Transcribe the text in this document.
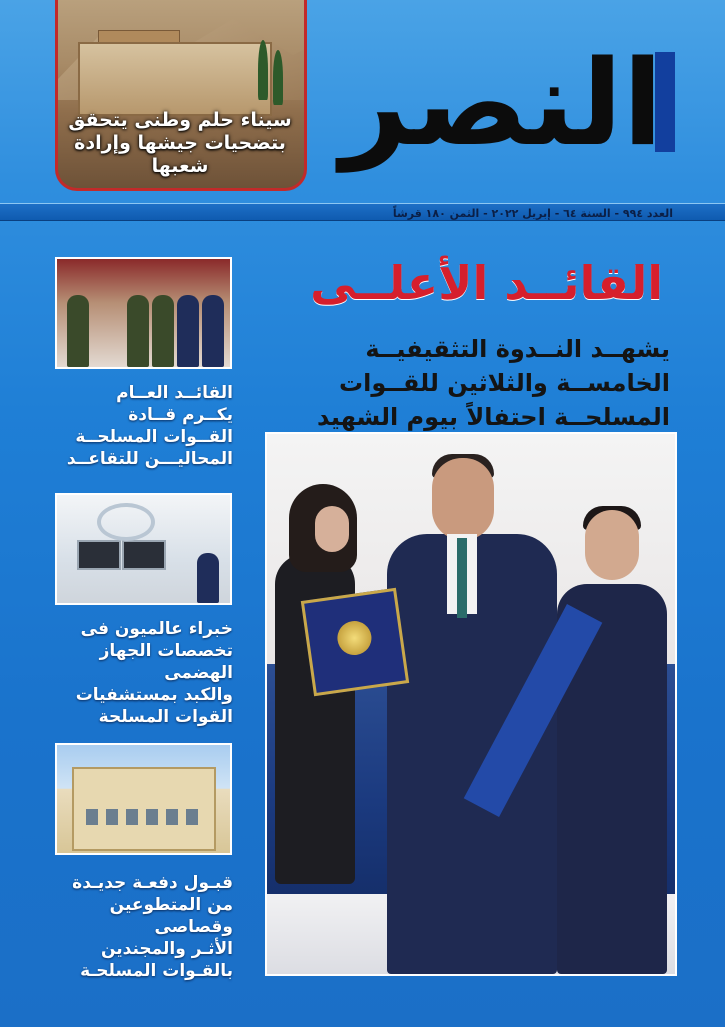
سيناء حلم وطنى يتحقق بتضحيات جيشها وإرادة شعبها	النصر
العدد ٩٩٤ - السنة ٦٤ - إبريل ٢٠٢٢ - الثمن ١٨٠ قرشاً
القائــد الأعلــى
يشهــد النــدوة التثقيفيــة
الخامســة والثلاثين للقــوات
المسلحــة احتفالاً بيوم الشهيد
القائــد العــام
يكــرم قــادة
القــوات المسلحــة
المحاليـــن للتقاعــد
خبراء عالميون فى
تخصصات الجهاز الهضمى
والكبد بمستشفيات
القوات المسلحة
قبـول دفعـة جديـدة
من المتطوعين وقصاصى
الأثـر والمجندين
بالقـوات المسلحـة
